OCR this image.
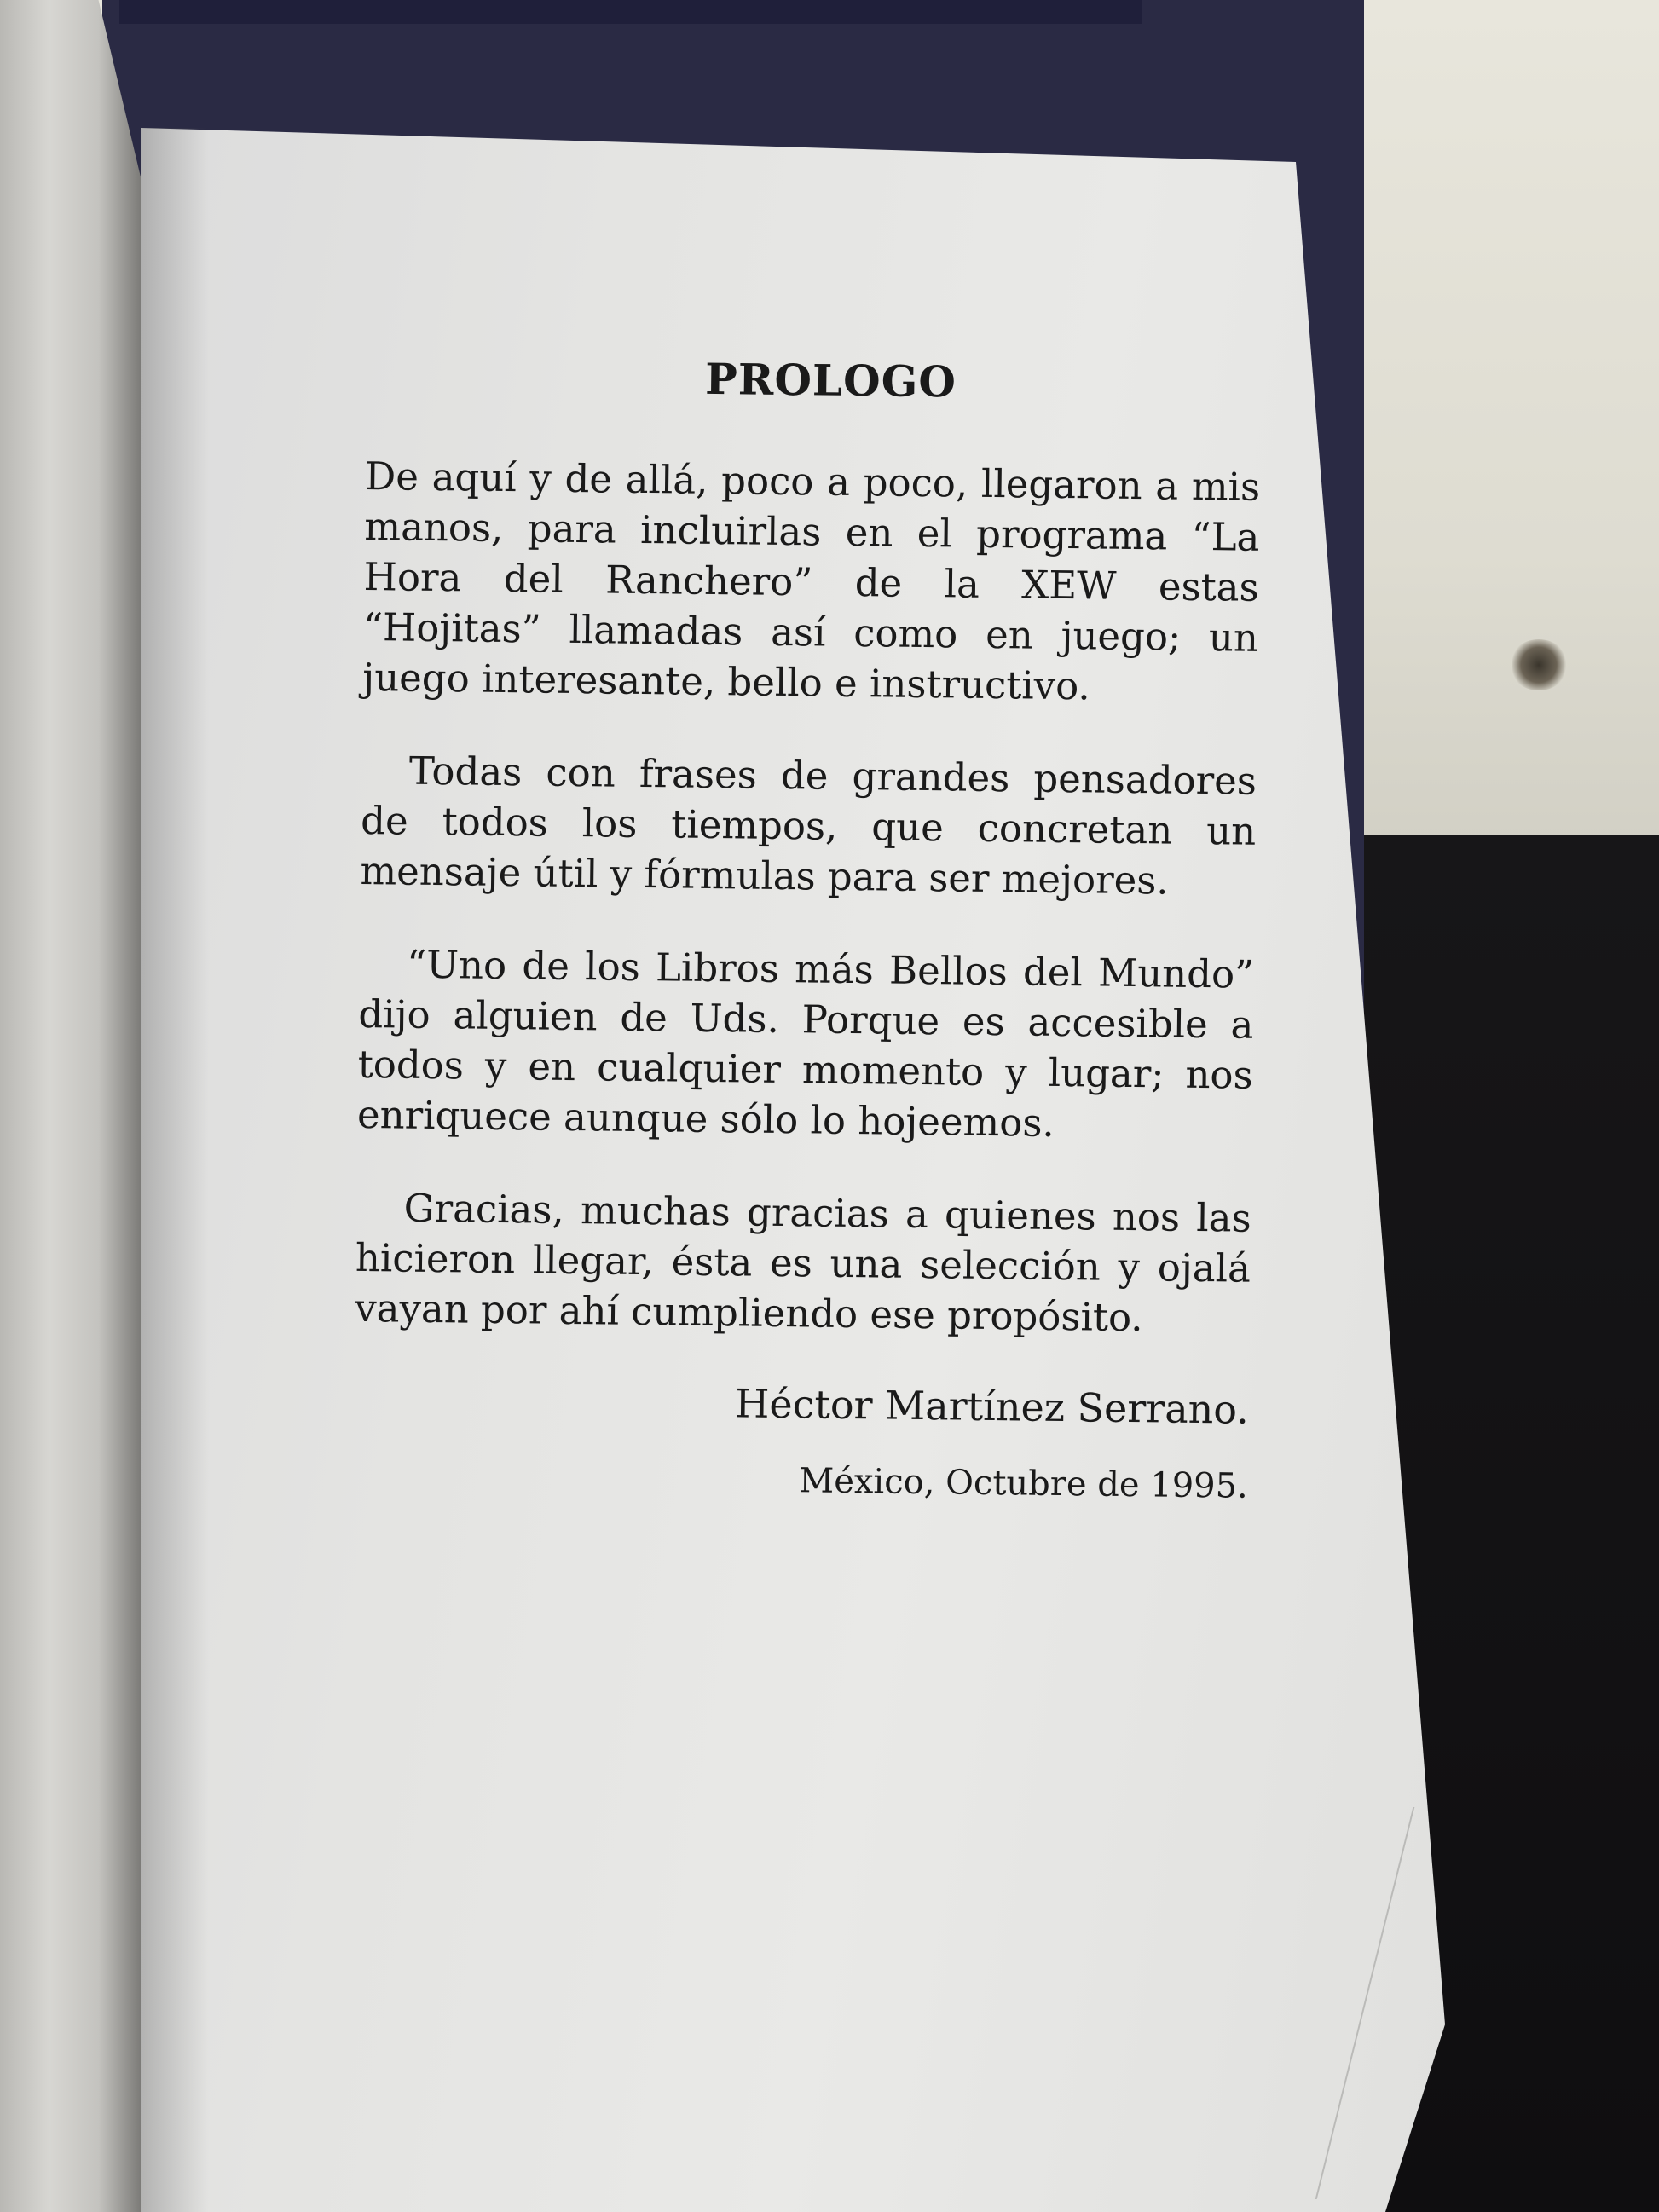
PROLOGO

De aquí y de allá, poco a poco, llegaron a mis manos, para incluirlas en el programa “La Hora del Ranchero” de la XEW estas “Hojitas” llamadas así como en juego; un juego interesante, bello e instructivo.

Todas con frases de grandes pensadores de todos los tiempos, que concretan un mensaje útil y fórmulas para ser mejores.

“Uno de los Libros más Bellos del Mundo” dijo alguien de Uds. Porque es accesible a todos y en cualquier momento y lugar; nos enriquece aunque sólo lo hojeemos.

Gracias, muchas gracias a quienes nos las hicieron llegar, ésta es una selección y ojalá vayan por ahí cumpliendo ese propósito.

Héctor Martínez Serrano.
México, Octubre de 1995.
